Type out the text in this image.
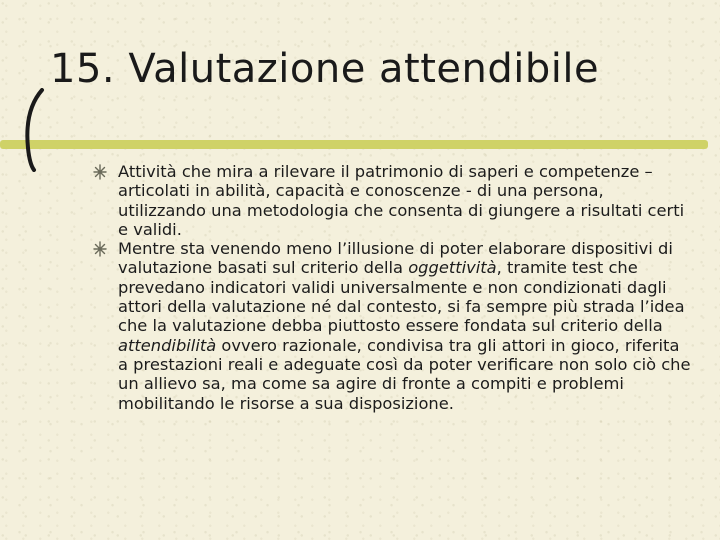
15. Valutazione attendibile
Attività che mira a rilevare il patrimonio di saperi e competenze – articolati in abilità, capacità e conoscenze - di una persona, utilizzando una metodologia che consenta di giungere a risultati certi e validi.
Mentre sta venendo meno l’illusione di poter elaborare dispositivi di valutazione basati sul criterio della oggettività, tramite test che prevedano indicatori validi universalmente e non condizionati dagli attori della valutazione né dal contesto, si fa sempre più strada l’idea che la valutazione debba piuttosto essere fondata sul criterio della attendibilità ovvero razionale, condivisa tra gli attori in gioco, riferita a prestazioni reali e adeguate così da poter verificare non solo ciò che un allievo sa, ma come sa agire di fronte a compiti e problemi mobilitando le risorse a sua disposizione.
